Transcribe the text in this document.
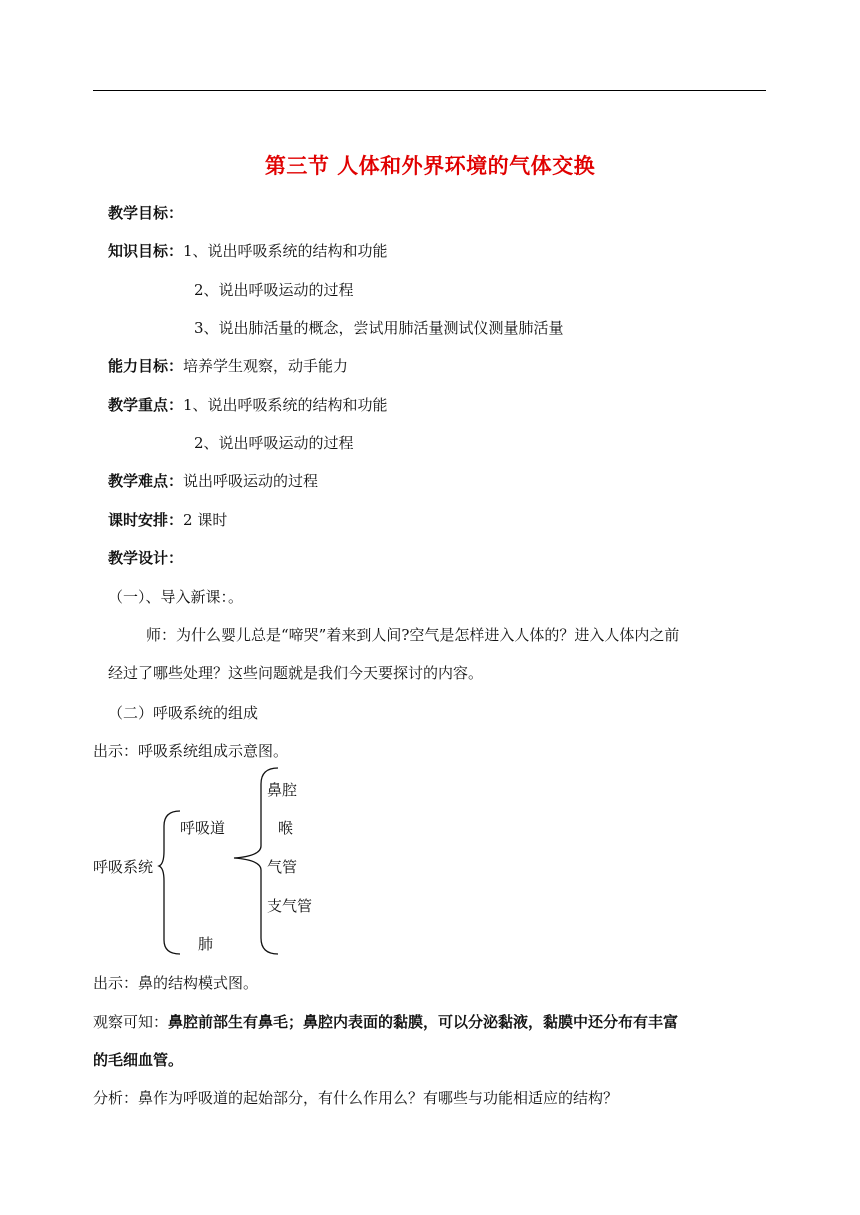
第三节 人体和外界环境的气体交换
教学目标：
知识目标：1、说出呼吸系统的结构和功能
2、说出呼吸运动的过程
3、说出肺活量的概念，尝试用肺活量测试仪测量肺活量
能力目标：培养学生观察，动手能力
教学重点：1、说出呼吸系统的结构和功能
2、说出呼吸运动的过程
教学难点：说出呼吸运动的过程
课时安排：2 课时
教学设计：
（一）、导入新课：。
师：为什么婴儿总是“啼哭”着来到人间?空气是怎样进入人体的？进入人体内之前
经过了哪些处理？这些问题就是我们今天要探讨的内容。
（二）呼吸系统的组成
出示：呼吸系统组成示意图。
呼吸系统
呼吸道
肺
鼻腔
喉
气管
支气管
出示：鼻的结构模式图。
观察可知：鼻腔前部生有鼻毛；鼻腔内表面的黏膜，可以分泌黏液，黏膜中还分布有丰富
的毛细血管。
分析：鼻作为呼吸道的起始部分，有什么作用么？有哪些与功能相适应的结构？
